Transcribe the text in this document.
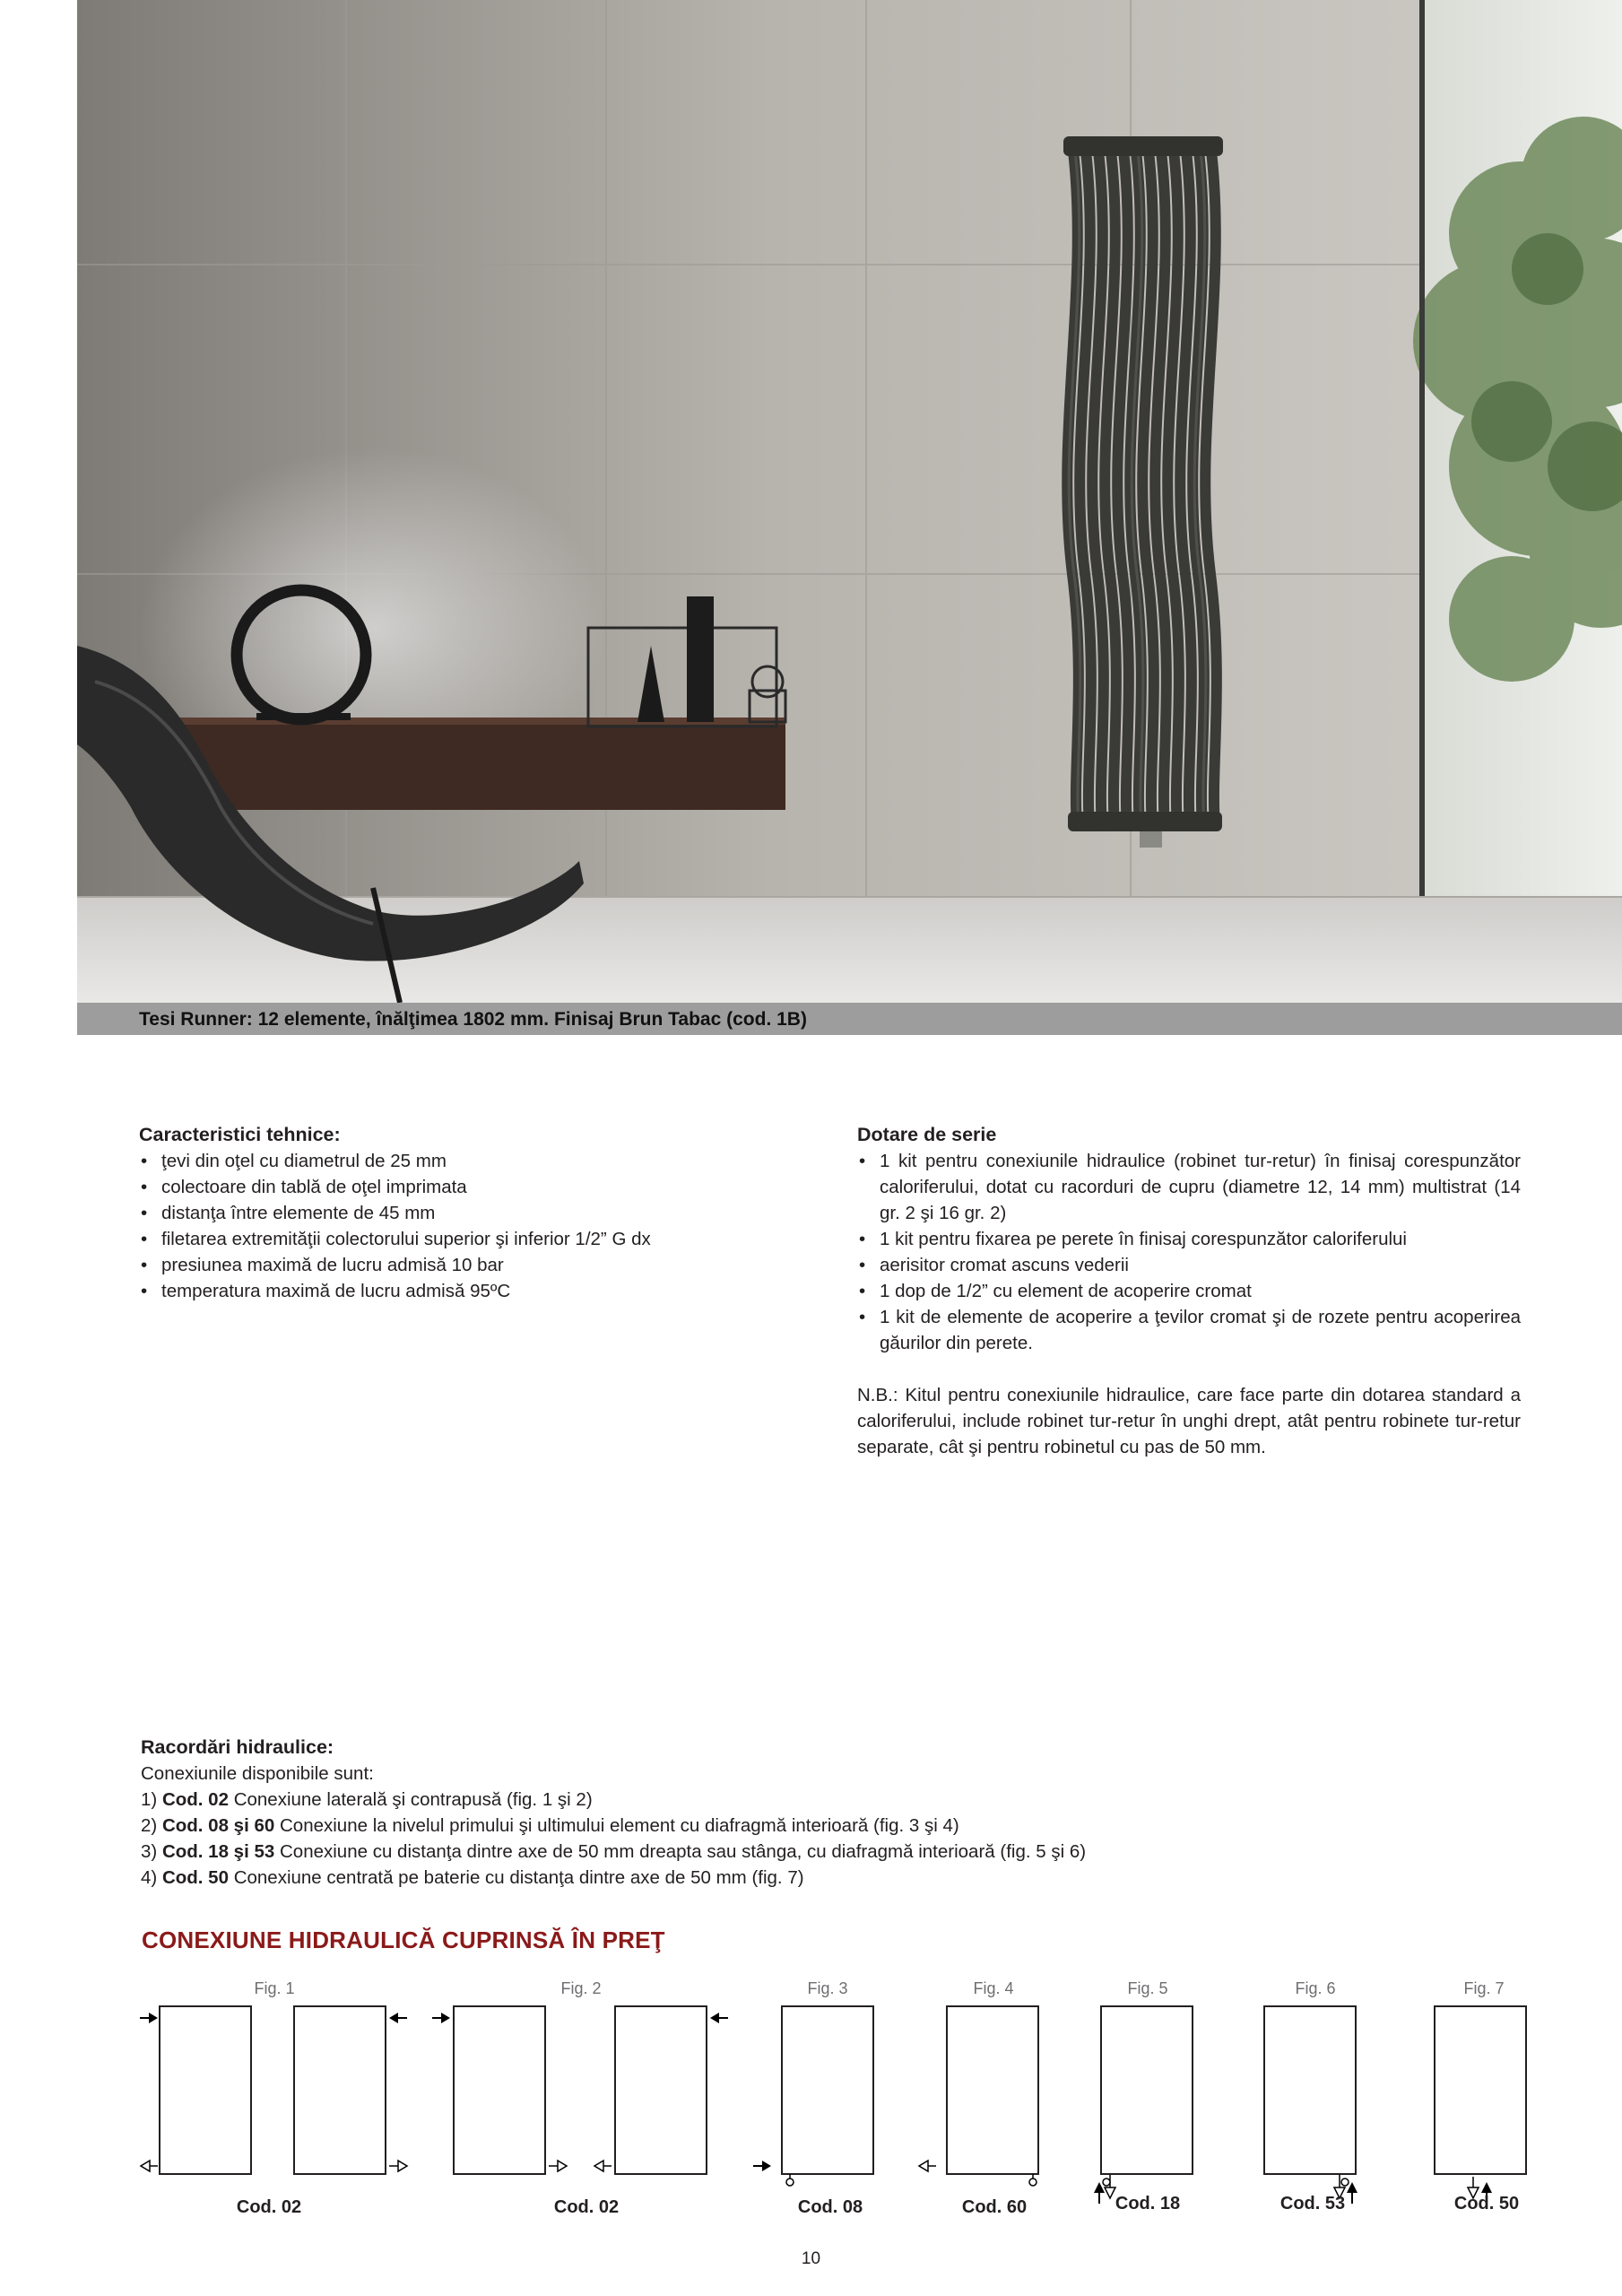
Tesi Runner: 12 elemente, înălţimea 1802 mm. Finisaj Brun Tabac (cod. 1B)
Caracteristici tehnice:
• ţevi din oţel cu diametrul de 25 mm
• colectoare din tablă de oţel imprimata
• distanţa între elemente de 45 mm
• filetarea extremităţii colectorului superior şi inferior 1/2” G dx
• presiunea maximă de lucru admisă 10 bar
• temperatura maximă de lucru admisă 95ºC
Dotare de serie
• 1 kit pentru conexiunile hidraulice (robinet tur-retur) în finisaj corespunzător caloriferului, dotat cu racorduri de cupru (diametre 12, 14 mm) multistrat (14 gr. 2 şi 16 gr. 2)
• 1 kit pentru fixarea pe perete în finisaj corespunzător caloriferului
• aerisitor cromat ascuns vederii
• 1 dop de 1/2” cu element de acoperire cromat
• 1 kit de elemente de acoperire a ţevilor cromat şi de rozete pentru acoperirea găurilor din perete.

N.B.: Kitul pentru conexiunile hidraulice, care face parte din dotarea standard a caloriferului, include robinet tur-retur în unghi drept, atât pentru robinete tur-retur separate, cât şi pentru robinetul cu pas de 50 mm.

Racordări hidraulice:

Conexiunile disponibile sunt:

1) Cod. 02 Conexiune laterală şi contrapusă (fig. 1 şi 2)

2) Cod. 08 şi 60 Conexiune la nivelul primului şi ultimului element cu diafragmă interioară (fig. 3 şi 4)

3) Cod. 18 şi 53 Conexiune cu distanţa dintre axe de 50 mm dreapta sau stânga, cu diafragmă interioară (fig. 5 şi 6)

4) Cod. 50 Conexiune centrată pe baterie cu distanţa dintre axe de 50 mm (fig. 7)

CONEXIUNE HIDRAULICĂ CUPRINSĂ ÎN PREŢ
Fig. 1	Fig. 2	Fig. 3	Fig. 4	Fig. 5	Fig. 6	Fig. 7
Cod. 02	Cod. 02	Cod. 08	Cod. 60	Cod. 18	Cod. 53	Cod. 50
10
